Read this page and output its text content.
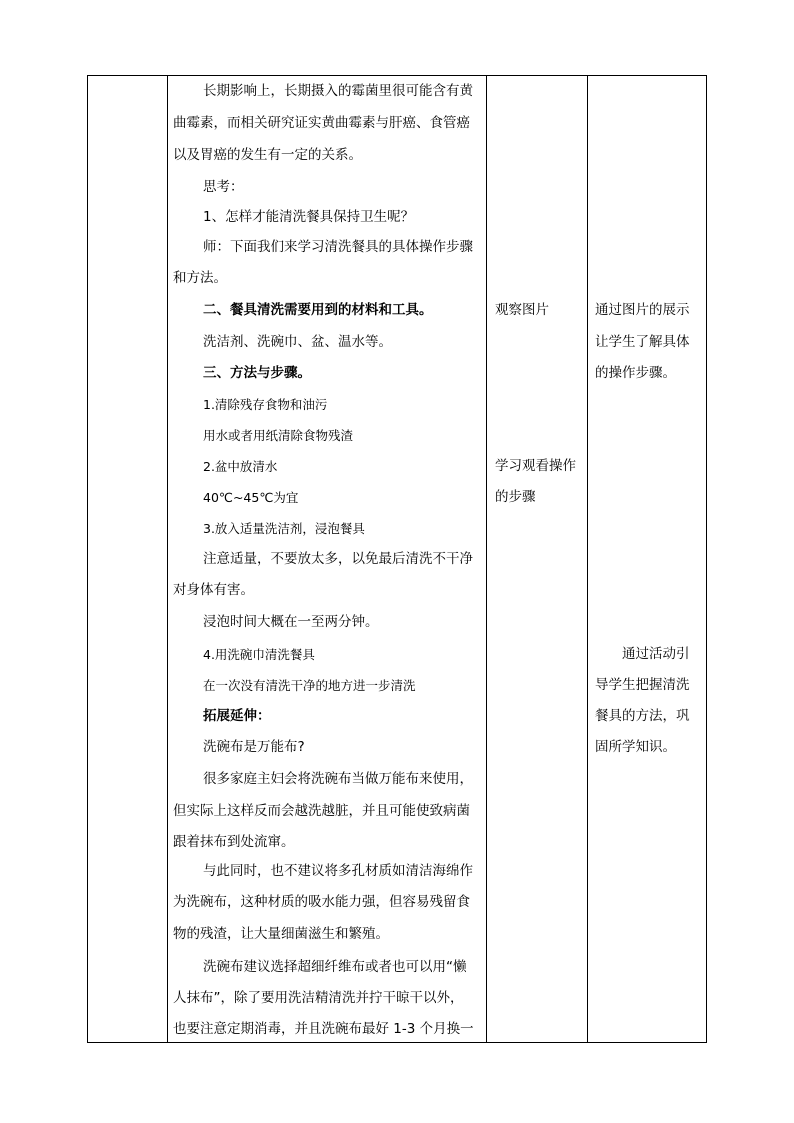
长期影响上，长期摄入的霉菌里很可能含有黄
曲霉素，而相关研究证实黄曲霉素与肝癌、食管癌
以及胃癌的发生有一定的关系。
思考：
1、怎样才能清洗餐具保持卫生呢？
师：下面我们来学习清洗餐具的具体操作步骤
和方法。
二、餐具清洗需要用到的材料和工具。
洗洁剂、洗碗巾、盆、温水等。
三、方法与步骤。
1.清除残存食物和油污
用水或者用纸清除食物残渣
2.盆中放清水
40℃~45℃为宜
3.放入适量洗洁剂，浸泡餐具
注意适量，不要放太多，以免最后清洗不干净
对身体有害。
浸泡时间大概在一至两分钟。
4.用洗碗巾清洗餐具
在一次没有清洗干净的地方进一步清洗
拓展延伸：
洗碗布是万能布?
很多家庭主妇会将洗碗布当做万能布来使用，
但实际上这样反而会越洗越脏，并且可能使致病菌
跟着抹布到处流窜。
与此同时，也不建议将多孔材质如清洁海绵作
为洗碗布，这种材质的吸水能力强，但容易残留食
物的残渣，让大量细菌滋生和繁殖。
洗碗布建议选择超细纤维布或者也可以用“懒
人抹布”，除了要用洗洁精清洗并拧干晾干以外，
也要注意定期消毒，并且洗碗布最好 1-3 个月换一
观察图片
学习观看操作
的步骤
通过图片的展示
让学生了解具体
的操作步骤。
通过活动引
导学生把握清洗
餐具的方法，巩
固所学知识。
